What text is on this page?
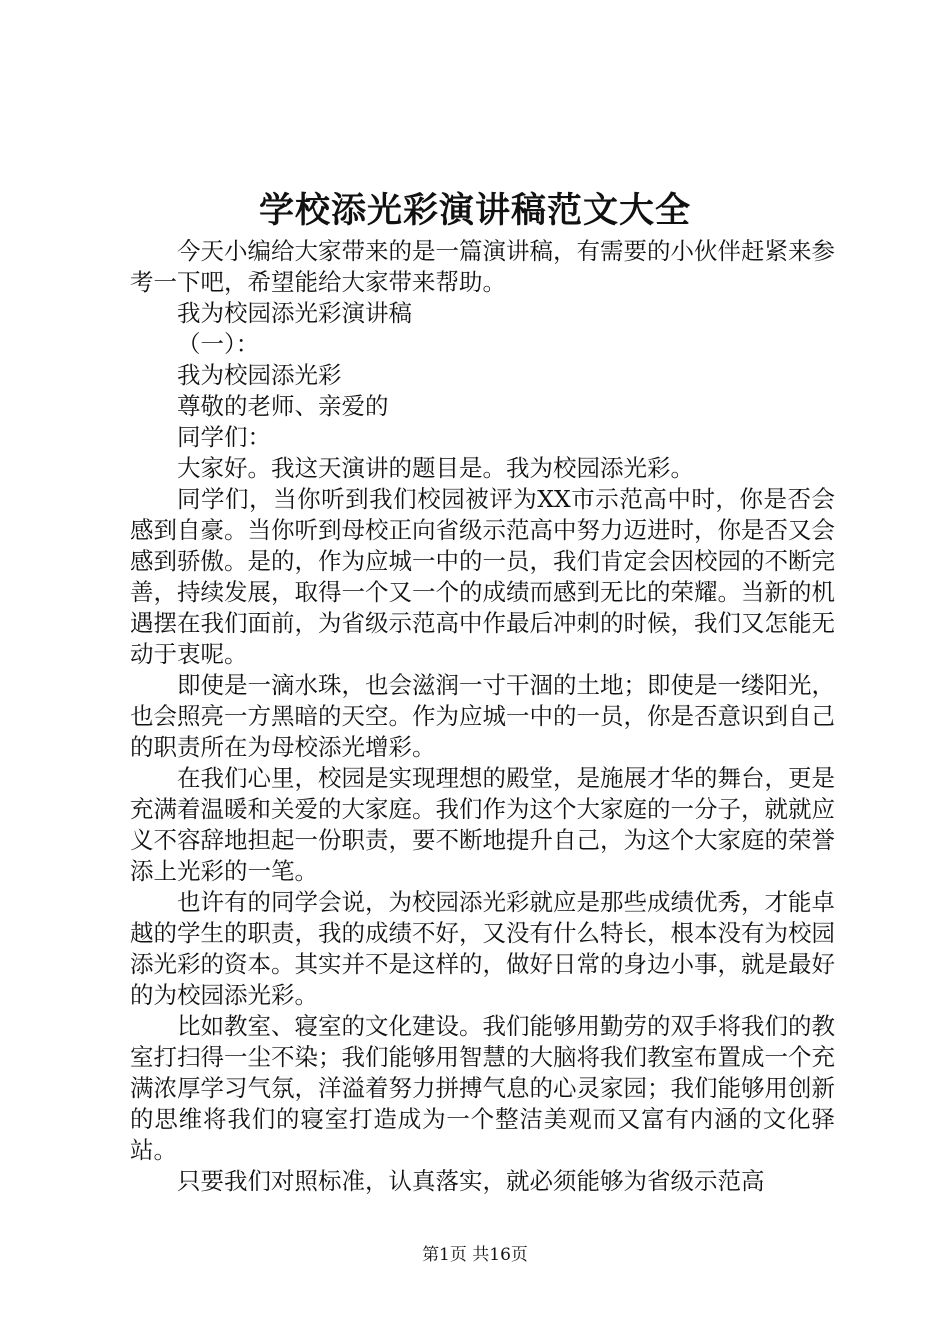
学校添光彩演讲稿范文大全

今天小编给大家带来的是一篇演讲稿，有需要的小伙伴赶紧来参考一下吧，希望能给大家带来帮助。

我为校园添光彩演讲稿

（一）：

我为校园添光彩

尊敬的老师、亲爱的

同学们：

大家好。我这天演讲的题目是。我为校园添光彩。

同学们，当你听到我们校园被评为XX市示范高中时，你是否会感到自豪。当你听到母校正向省级示范高中努力迈进时，你是否又会感到骄傲。是的，作为应城一中的一员，我们肯定会因校园的不断完善，持续发展，取得一个又一个的成绩而感到无比的荣耀。当新的机遇摆在我们面前，为省级示范高中作最后冲刺的时候，我们又怎能无动于衷呢。

即使是一滴水珠，也会滋润一寸干涸的土地；即使是一缕阳光，也会照亮一方黑暗的天空。作为应城一中的一员，你是否意识到自己的职责所在为母校添光增彩。

在我们心里，校园是实现理想的殿堂，是施展才华的舞台，更是充满着温暖和关爱的大家庭。我们作为这个大家庭的一分子，就就应义不容辞地担起一份职责，要不断地提升自己，为这个大家庭的荣誉添上光彩的一笔。

也许有的同学会说，为校园添光彩就应是那些成绩优秀，才能卓越的学生的职责，我的成绩不好，又没有什么特长，根本没有为校园添光彩的资本。其实并不是这样的，做好日常的身边小事，就是最好的为校园添光彩。

比如教室、寝室的文化建设。我们能够用勤劳的双手将我们的教室打扫得一尘不染；我们能够用智慧的大脑将我们教室布置成一个充满浓厚学习气氛，洋溢着努力拼搏气息的心灵家园；我们能够用创新的思维将我们的寝室打造成为一个整洁美观而又富有内涵的文化驿站。

只要我们对照标准，认真落实，就必须能够为省级示范高

第1页 共16页
